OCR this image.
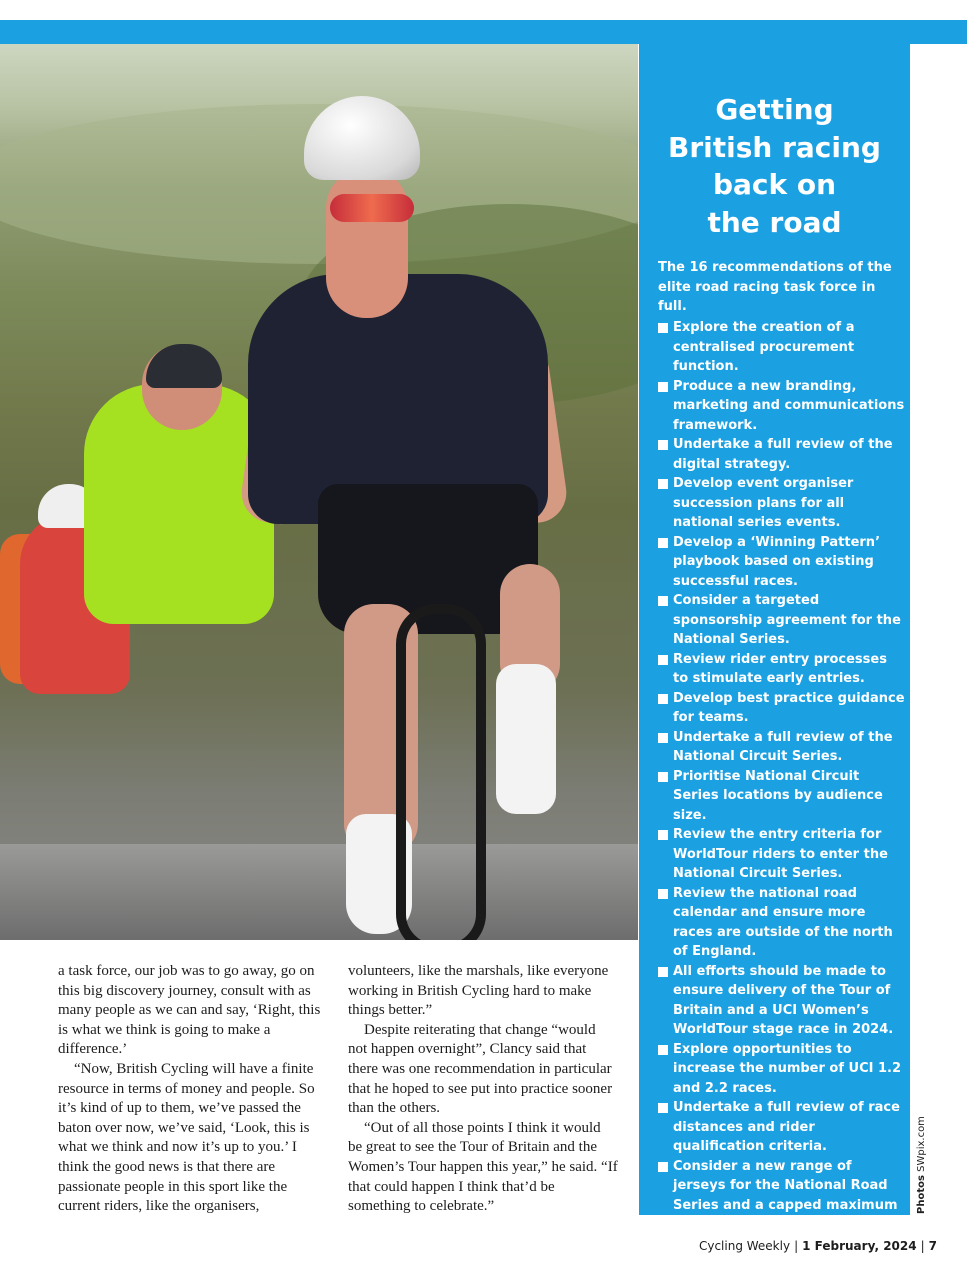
Getting
British racing
back on
the road
The 16 recommendations of the elite road racing task force in full.
Explore the creation of a centralised procurement function.
Produce a new branding, marketing and communications framework.
Undertake a full review of the digital strategy.
Develop event organiser succession plans for all national series events.
Develop a ‘Winning Pattern’ playbook based on existing successful races.
Consider a targeted sponsorship agreement for the National Series.
Review rider entry processes to stimulate early entries.
Develop best practice guidance for teams.
Undertake a full review of the National Circuit Series.
Prioritise National Circuit Series locations by audience size.
Review the entry criteria for WorldTour riders to enter the National Circuit Series.
Review the national road calendar and ensure more races are outside of the north of England.
All efforts should be made to ensure delivery of the Tour of Britain and a UCI Women’s WorldTour stage race in 2024.
Explore opportunities to increase the number of UCI 1.2 and 2.2 races.
Undertake a full review of race distances and rider qualification criteria.
Consider a new range of jerseys for the National Road Series and a capped maximum entry cost.

a task force, our job was to go away, go on this big discovery journey, consult with as many people as we can and say, ‘Right, this is what we think is going to make a difference.’

“Now, British Cycling will have a finite resource in terms of money and people. So it’s kind of up to them, we’ve passed the baton over now, we’ve said, ‘Look, this is what we think and now it’s up to you.’ I think the good news is that there are passionate people in this sport like the current riders, like the organisers,

volunteers, like the marshals, like everyone working in British Cycling hard to make things better.”

Despite reiterating that change “would not happen overnight”, Clancy said that there was one recommendation in particular that he hoped to see put into practice sooner than the others.

“Out of all those points I think it would be great to see the Tour of Britain and the Women’s Tour happen this year,” he said. “If that could happen I think that’d be something to celebrate.”	Photos SWpix.com
Cycling Weekly | 1 February, 2024 | 7
